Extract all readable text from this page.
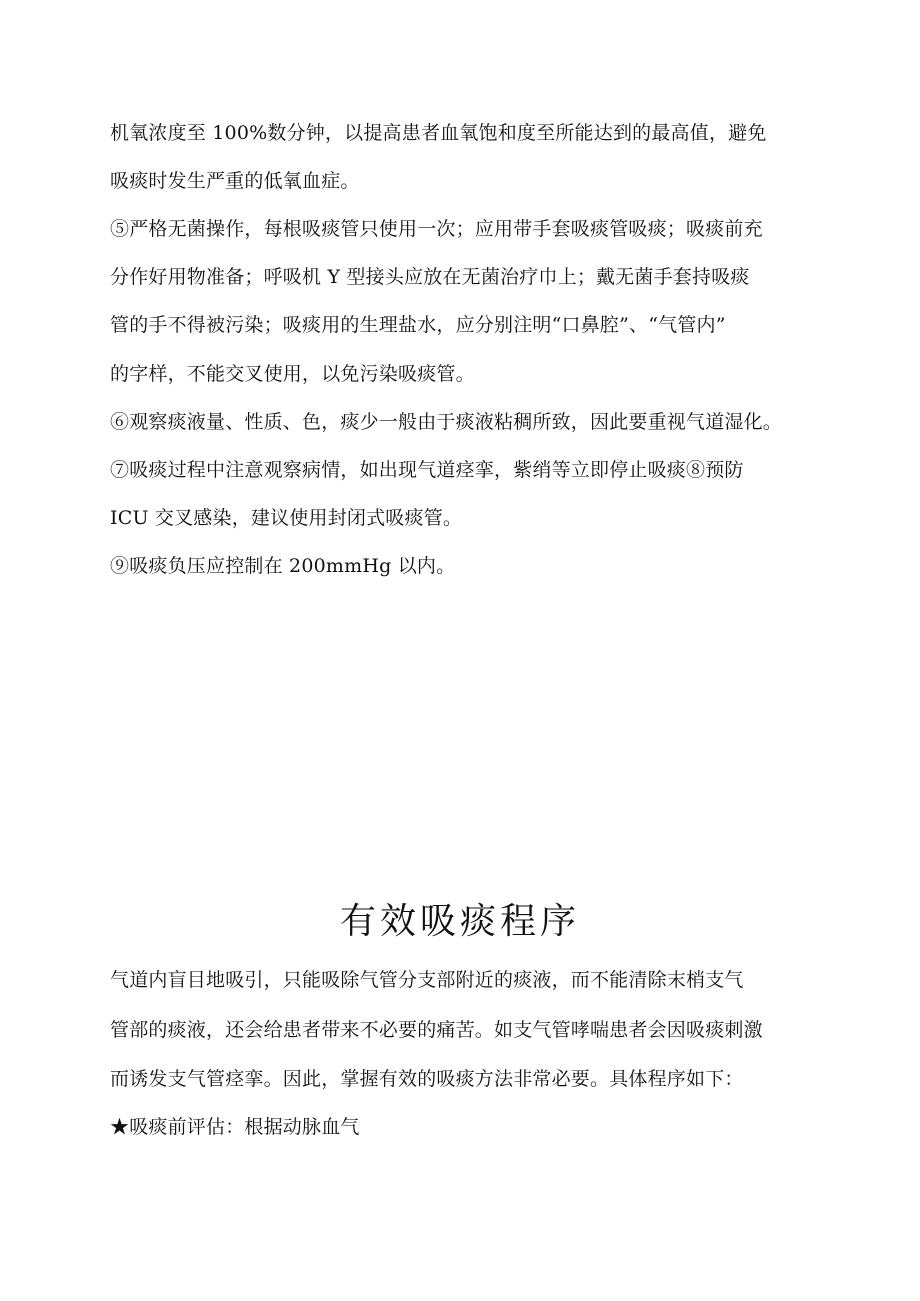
机氧浓度至 100%数分钟，以提高患者血氧饱和度至所能达到的最高值，避免
吸痰时发生严重的低氧血症。
⑤严格无菌操作，每根吸痰管只使用一次；应用带手套吸痰管吸痰；吸痰前充
分作好用物准备；呼吸机 Y 型接头应放在无菌治疗巾上；戴无菌手套持吸痰
管的手不得被污染；吸痰用的生理盐水，应分别注明“口鼻腔”、“气管内”
的字样，不能交叉使用，以免污染吸痰管。
⑥观察痰液量、性质、色，痰少一般由于痰液粘稠所致，因此要重视气道湿化。
⑦吸痰过程中注意观察病情，如出现气道痉挛，紫绡等立即停止吸痰⑧预防
ICU 交叉感染，建议使用封闭式吸痰管。
⑨吸痰负压应控制在 200mmHg 以内。
有效吸痰程序
气道内盲目地吸引，只能吸除气管分支部附近的痰液，而不能清除末梢支气
管部的痰液，还会给患者带来不必要的痛苦。如支气管哮喘患者会因吸痰刺激
而诱发支气管痉挛。因此，掌握有效的吸痰方法非常必要。具体程序如下：
★吸痰前评估：根据动脉血气
